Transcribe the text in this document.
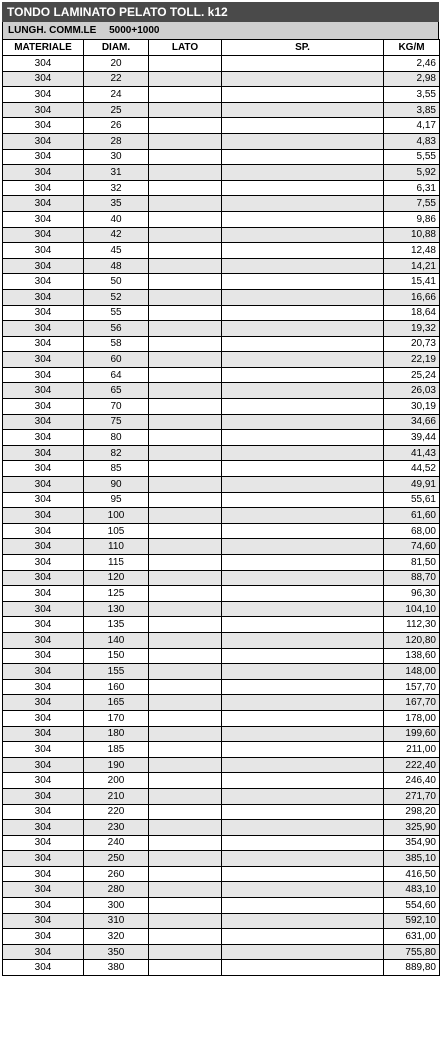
TONDO LAMINATO PELATO TOLL. k12
LUNGH. COMM.LE 5000+1000
MATERIALE	DIAM.	LATO	SP.	KG/M
304	20			2,46
304	22			2,98
304	24			3,55
304	25			3,85
304	26			4,17
304	28			4,83
304	30			5,55
304	31			5,92
304	32			6,31
304	35			7,55
304	40			9,86
304	42			10,88
304	45			12,48
304	48			14,21
304	50			15,41
304	52			16,66
304	55			18,64
304	56			19,32
304	58			20,73
304	60			22,19
304	64			25,24
304	65			26,03
304	70			30,19
304	75			34,66
304	80			39,44
304	82			41,43
304	85			44,52
304	90			49,91
304	95			55,61
304	100			61,60
304	105			68,00
304	110			74,60
304	115			81,50
304	120			88,70
304	125			96,30
304	130			104,10
304	135			112,30
304	140			120,80
304	150			138,60
304	155			148,00
304	160			157,70
304	165			167,70
304	170			178,00
304	180			199,60
304	185			211,00
304	190			222,40
304	200			246,40
304	210			271,70
304	220			298,20
304	230			325,90
304	240			354,90
304	250			385,10
304	260			416,50
304	280			483,10
304	300			554,60
304	310			592,10
304	320			631,00
304	350			755,80
304	380			889,80
